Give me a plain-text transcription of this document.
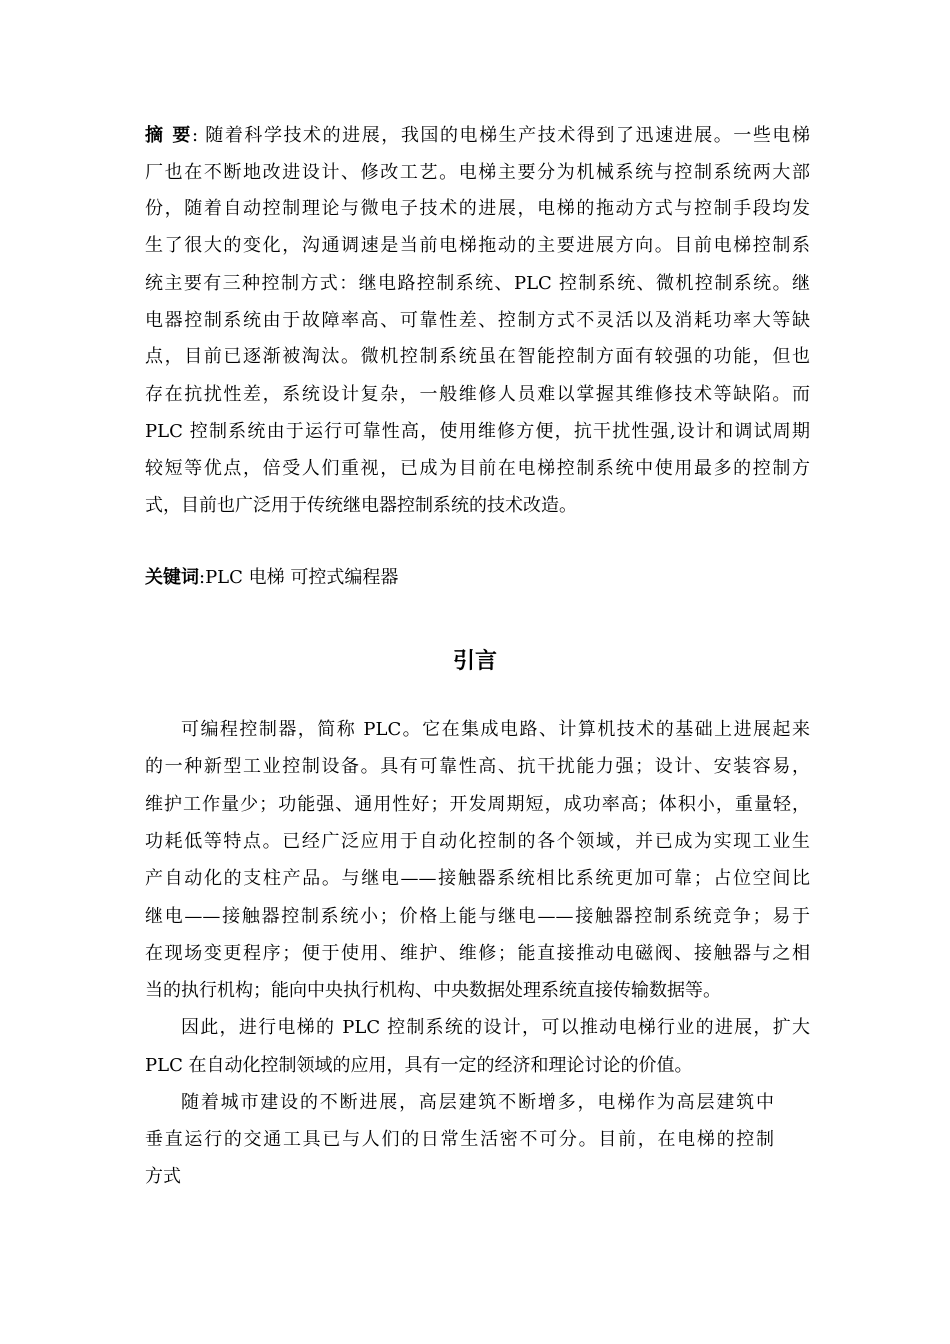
摘 要: 随着科学技术的进展，我国的电梯生产技术得到了迅速进展。一些电梯
厂也在不断地改进设计、修改工艺。电梯主要分为机械系统与控制系统两大部
份，随着自动控制理论与微电子技术的进展，电梯的拖动方式与控制手段均发
生了很大的变化，沟通调速是当前电梯拖动的主要进展方向。目前电梯控制系
统主要有三种控制方式：继电路控制系统、PLC 控制系统、微机控制系统。继
电器控制系统由于故障率高、可靠性差、控制方式不灵活以及消耗功率大等缺
点，目前已逐渐被淘汰。微机控制系统虽在智能控制方面有较强的功能，但也
存在抗扰性差，系统设计复杂，一般维修人员难以掌握其维修技术等缺陷。而
PLC 控制系统由于运行可靠性高，使用维修方便，抗干扰性强,设计和调试周期
较短等优点，倍受人们重视，已成为目前在电梯控制系统中使用最多的控制方
式，目前也广泛用于传统继电器控制系统的技术改造。
关键词:PLC 电梯 可控式编程器
引言
可编程控制器，简称 PLC。它在集成电路、计算机技术的基础上进展起来
的一种新型工业控制设备。具有可靠性高、抗干扰能力强；设计、安装容易，
维护工作量少；功能强、通用性好；开发周期短，成功率高；体积小，重量轻，
功耗低等特点。已经广泛应用于自动化控制的各个领域，并已成为实现工业生
产自动化的支柱产品。与继电——接触器系统相比系统更加可靠；占位空间比
继电——接触器控制系统小；价格上能与继电——接触器控制系统竞争；易于
在现场变更程序；便于使用、维护、维修；能直接推动电磁阀、接触器与之相
当的执行机构；能向中央执行机构、中央数据处理系统直接传输数据等。
因此，进行电梯的 PLC 控制系统的设计，可以推动电梯行业的进展，扩大
PLC 在自动化控制领域的应用，具有一定的经济和理论讨论的价值。
随着城市建设的不断进展，高层建筑不断增多，电梯作为高层建筑中
垂直运行的交通工具已与人们的日常生活密不可分。目前，在电梯的控制
方式
